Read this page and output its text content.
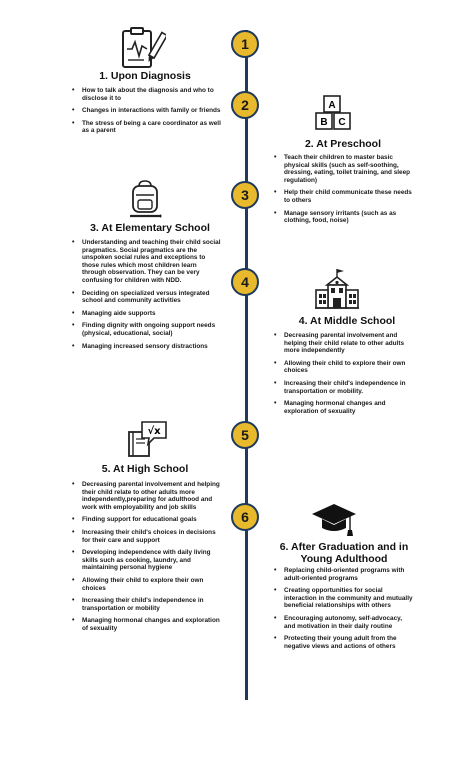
1
2
3
4
5
6
1. Upon Diagnosis
• How to talk about the diagnosis and who to disclose it to
• Changes in interactions with family or friends
• The stress of being a care coordinator as well as a parent
A
B C
2. At Preschool
• Teach their children to master basic physical skills (such as self-soothing, dressing, eating, toilet training, and sleep regulation)
• Help their child communicate these needs to others
• Manage sensory irritants (such as as clothing, food, noise)
3. At Elementary School
• Understanding and teaching their child social pragmatics. Social pragmatics are the unspoken social rules and exceptions to those rules which most children learn through observation. They can be very confusing for children with NDD.
• Deciding on specialized versus integrated school and community activities
• Managing aide supports
• Finding dignity with ongoing support needs (physical, educational, social)
• Managing increased sensory distractions
4. At Middle School
• Decreasing parental involvement and helping their child relate to other adults more independently
• Allowing their child to explore their own choices
• Increasing their child's independence in transportation or mobility.
• Managing hormonal changes and exploration of sexuality
√x
5. At High School
• Decreasing parental involvement and helping their child relate to other adults more independently,preparing for adulthood and work with employability and job skills
• Finding support for educational goals
• Increasing their child's choices in decisions for their care and support
• Developing independence with daily living skills such as cooking, laundry, and maintaining personal hygiene
• Allowing their child to explore their own choices
• Increasing their child's independence in transportation or mobility
• Managing hormonal changes and exploration of sexuality
6. After Graduation and in Young Adulthood
• Replacing child-oriented programs with adult-oriented programs
• Creating opportunities for social interaction in the community and mutually beneficial relationships with others
• Encouraging autonomy, self-advocacy, and motivation in their daily routine
• Protecting their young adult from the negative views and actions of others
